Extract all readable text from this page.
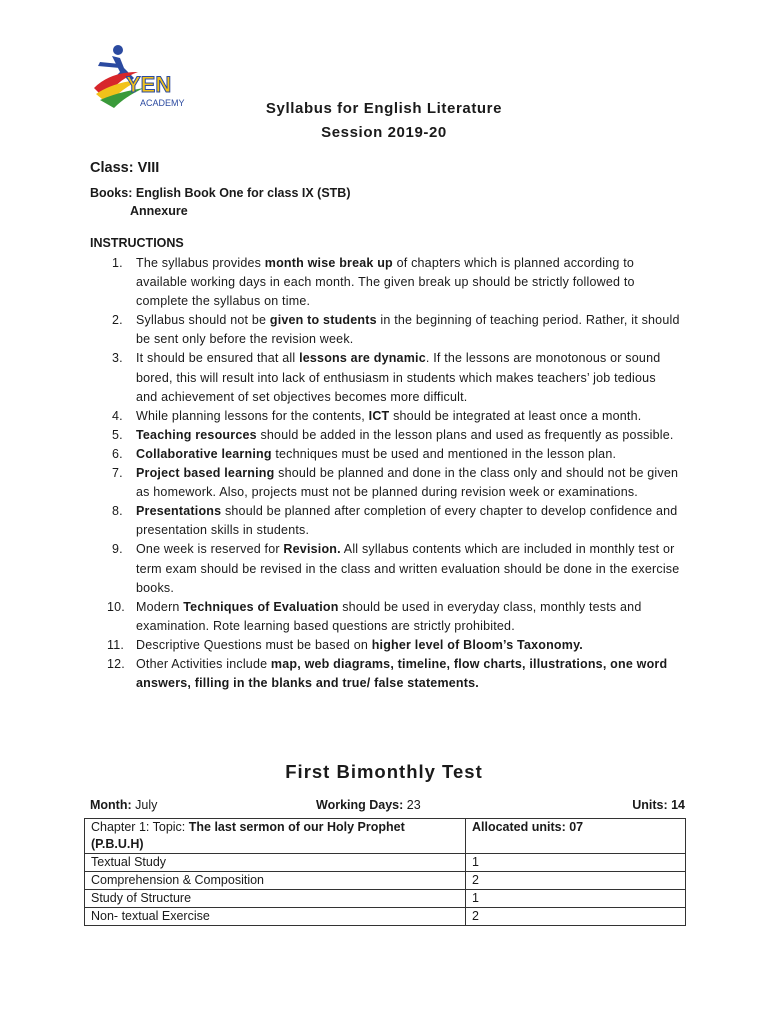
YEN
ACADEMY	Syllabus for English Literature
Session 2019-20
Class: VIII
Books: English Book One for class IX (STB)
Annexure
INSTRUCTIONS
1. The syllabus provides month wise break up of chapters which is planned according to available working days in each month. The given break up should be strictly followed to complete the syllabus on time.
2. Syllabus should not be given to students in the beginning of teaching period. Rather, it should be sent only before the revision week.
3. It should be ensured that all lessons are dynamic. If the lessons are monotonous or sound bored, this will result into lack of enthusiasm in students which makes teachers’ job tedious and achievement of set objectives becomes more difficult.
4. While planning lessons for the contents, ICT should be integrated at least once a month.
5. Teaching resources should be added in the lesson plans and used as frequently as possible.
6. Collaborative learning techniques must be used and mentioned in the lesson plan.
7. Project based learning should be planned and done in the class only and should not be given as homework. Also, projects must not be planned during revision week or examinations.
8. Presentations should be planned after completion of every chapter to develop confidence and presentation skills in students.
9. One week is reserved for Revision. All syllabus contents which are included in monthly test or term exam should be revised in the class and written evaluation should be done in the exercise books.
10. Modern Techniques of Evaluation should be used in everyday class, monthly tests and examination. Rote learning based questions are strictly prohibited.
11. Descriptive Questions must be based on higher level of Bloom’s Taxonomy.
12. Other Activities include map, web diagrams, timeline, flow charts, illustrations, one word answers, filling in the blanks and true/ false statements.
First Bimonthly Test
Month: July	Working Days: 23	Units: 14
Chapter 1: Topic: The last sermon of our Holy Prophet (P.B.U.H)	Allocated units: 07
Textual Study	1
Comprehension & Composition	2
Study of Structure	1
Non- textual Exercise	2
